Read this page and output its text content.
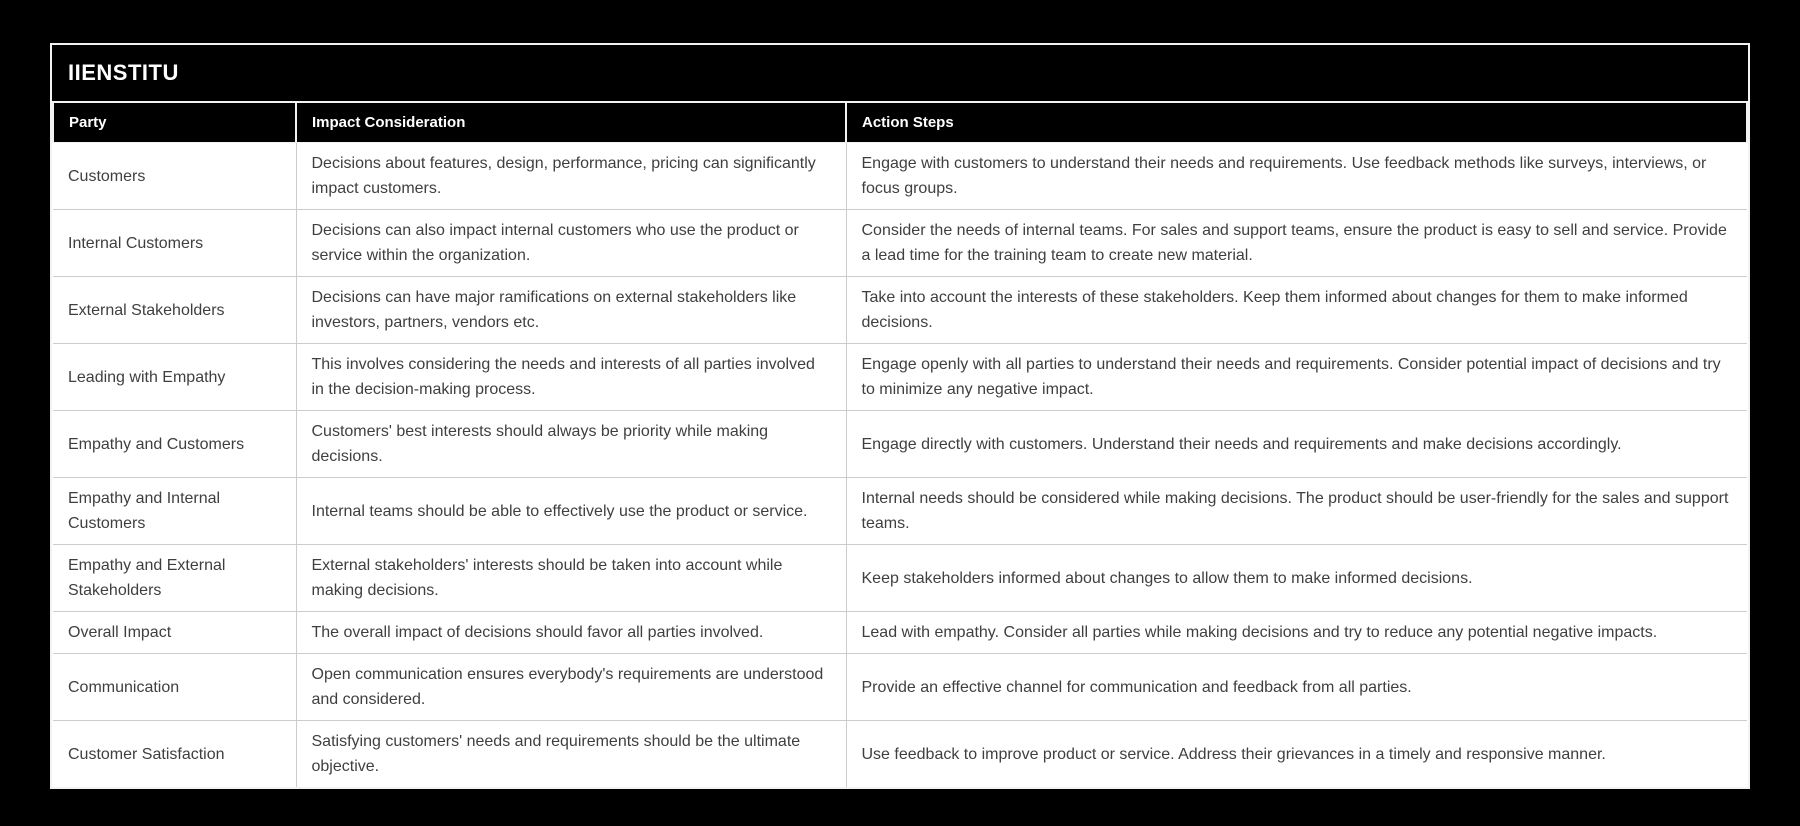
IIENSTITU
Party	Impact Consideration	Action Steps
Customers	Decisions about features, design, performance, pricing can significantly impact customers.	Engage with customers to understand their needs and requirements. Use feedback methods like surveys, interviews, or focus groups.
Internal Customers	Decisions can also impact internal customers who use the product or service within the organization.	Consider the needs of internal teams. For sales and support teams, ensure the product is easy to sell and service. Provide a lead time for the training team to create new material.
External Stakeholders	Decisions can have major ramifications on external stakeholders like investors, partners, vendors etc.	Take into account the interests of these stakeholders. Keep them informed about changes for them to make informed decisions.
Leading with Empathy	This involves considering the needs and interests of all parties involved in the decision-making process.	Engage openly with all parties to understand their needs and requirements. Consider potential impact of decisions and try to minimize any negative impact.
Empathy and Customers	Customers' best interests should always be priority while making decisions.	Engage directly with customers. Understand their needs and requirements and make decisions accordingly.
Empathy and Internal Customers	Internal teams should be able to effectively use the product or service.	Internal needs should be considered while making decisions. The product should be user-friendly for the sales and support teams.
Empathy and External Stakeholders	External stakeholders' interests should be taken into account while making decisions.	Keep stakeholders informed about changes to allow them to make informed decisions.
Overall Impact	The overall impact of decisions should favor all parties involved.	Lead with empathy. Consider all parties while making decisions and try to reduce any potential negative impacts.
Communication	Open communication ensures everybody's requirements are understood and considered.	Provide an effective channel for communication and feedback from all parties.
Customer Satisfaction	Satisfying customers' needs and requirements should be the ultimate objective.	Use feedback to improve product or service. Address their grievances in a timely and responsive manner.
